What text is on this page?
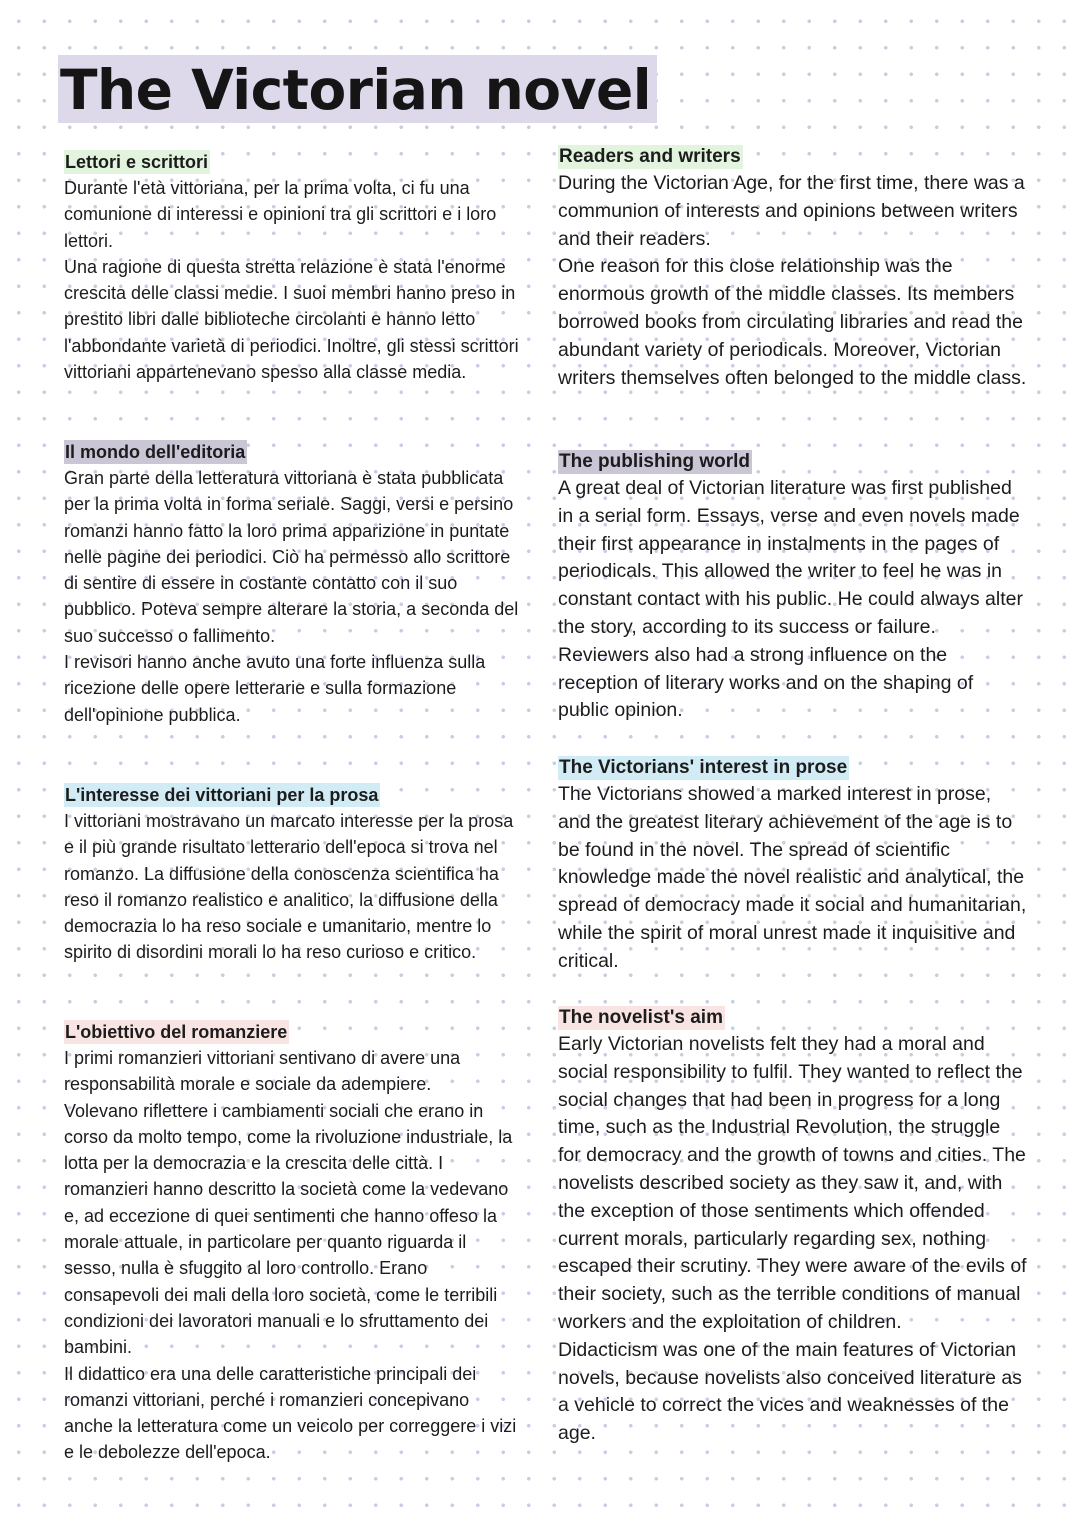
The Victorian novel
Lettori e scrittori

Durante l'età vittoriana, per la prima volta, ci fu una comunione di interessi e opinioni tra gli scrittori e i loro lettori.

Una ragione di questa stretta relazione è stata l'enorme crescita delle classi medie. I suoi membri hanno preso in prestito libri dalle biblioteche circolanti e hanno letto l'abbondante varietà di periodici. Inoltre, gli stessi scrittori vittoriani appartenevano spesso alla classe media.

Il mondo dell'editoria

Gran parte della letteratura vittoriana è stata pubblicata per la prima volta in forma seriale. Saggi, versi e persino romanzi hanno fatto la loro prima apparizione in puntate nelle pagine dei periodici. Ciò ha permesso allo scrittore di sentire di essere in costante contatto con il suo pubblico. Poteva sempre alterare la storia, a seconda del suo successo o fallimento.

I revisori hanno anche avuto una forte influenza sulla ricezione delle opere letterarie e sulla formazione dell'opinione pubblica.

L'interesse dei vittoriani per la prosa

I vittoriani mostravano un marcato interesse per la prosa e il più grande risultato letterario dell'epoca si trova nel romanzo. La diffusione della conoscenza scientifica ha reso il romanzo realistico e analitico, la diffusione della democrazia lo ha reso sociale e umanitario, mentre lo spirito di disordini morali lo ha reso curioso e critico.

L'obiettivo del romanziere

I primi romanzieri vittoriani sentivano di avere una responsabilità morale e sociale da adempiere.

Volevano riflettere i cambiamenti sociali che erano in corso da molto tempo, come la rivoluzione industriale, la lotta per la democrazia e la crescita delle città. I romanzieri hanno descritto la società come la vedevano e, ad eccezione di quei sentimenti che hanno offeso la morale attuale, in particolare per quanto riguarda il sesso, nulla è sfuggito al loro controllo. Erano consapevoli dei mali della loro società, come le terribili condizioni dei lavoratori manuali e lo sfruttamento dei bambini.

Il didattico era una delle caratteristiche principali dei romanzi vittoriani, perché i romanzieri concepivano anche la letteratura come un veicolo per correggere i vizi e le debolezze dell'epoca.

Readers and writers

During the Victorian Age, for the first time, there was a communion of interests and opinions between writers and their readers.

One reason for this close relationship was the enormous growth of the middle classes. Its members borrowed books from circulating libraries and read the abundant variety of periodicals. Moreover, Victorian writers themselves often belonged to the middle class.

The publishing world

A great deal of Victorian literature was first published in a serial form. Essays, verse and even novels made their first appearance in instalments in the pages of periodicals. This allowed the writer to feel he was in constant contact with his public. He could always alter the story, according to its success or failure.

Reviewers also had a strong influence on the reception of literary works and on the shaping of public opinion.

The Victorians' interest in prose

The Victorians showed a marked interest in prose, and the greatest literary achievement of the age is to be found in the novel. The spread of scientific knowledge made the novel realistic and analytical, the spread of democracy made it social and humanitarian, while the spirit of moral unrest made it inquisitive and critical.

The novelist's aim

Early Victorian novelists felt they had a moral and social responsibility to fulfil. They wanted to reflect the social changes that had been in progress for a long time, such as the Industrial Revolution, the struggle for democracy and the growth of towns and cities. The novelists described society as they saw it, and, with the exception of those sentiments which offended current morals, particularly regarding sex, nothing escaped their scrutiny. They were aware of the evils of their society, such as the terrible conditions of manual workers and the exploitation of children.

Didacticism was one of the main features of Victorian novels, because novelists also conceived literature as a vehicle to correct the vices and weaknesses of the age.
